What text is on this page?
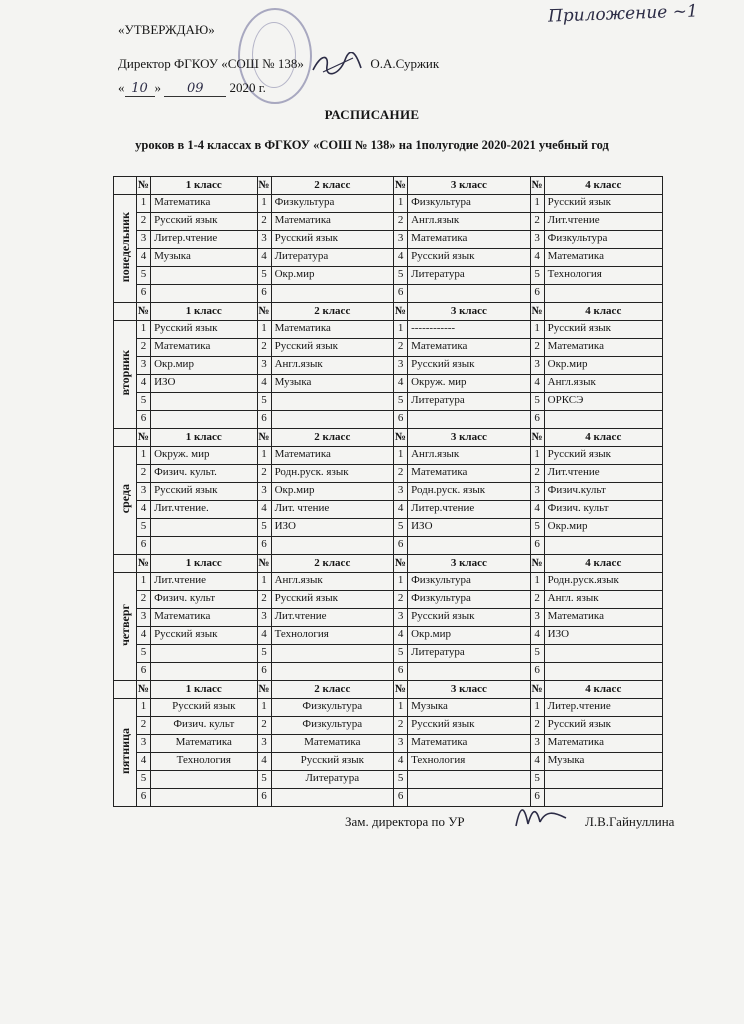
Приложение ~1
«УТВЕРЖДАЮ»
Директор ФГКОУ «СОШ № 138»	О.А.Суржик
« 10 » 09 2020 г.
РАСПИСАНИЕ
уроков в 1-4 классах в ФГКОУ «СОШ № 138» на 1полугодие 2020-2021 учебный год
	№	1 класс	№	2 класс	№	3 класс	№	4 класс
понедельник	1	Математика	1	Физкультура	1	Физкультура	1	Русский язык
	2	Русский язык	2	Математика	2	Англ.язык	2	Лит.чтение
	3	Литер.чтение	3	Русский язык	3	Математика	3	Физкультура
	4	Музыка	4	Литература	4	Русский язык	4	Математика
	5		5	Окр.мир	5	Литература	5	Технология
	6		6		6		6	
	№	1 класс	№	2 класс	№	3 класс	№	4 класс
вторник	1	Русский язык	1	Математика	1	------------	1	Русский язык
	2	Математика	2	Русский язык	2	Математика	2	Математика
	3	Окр.мир	3	Англ.язык	3	Русский язык	3	Окр.мир
	4	ИЗО	4	Музыка	4	Окруж. мир	4	Англ.язык
	5		5		5	Литература	5	ОРКСЭ
	6		6		6		6	
	№	1 класс	№	2 класс	№	3 класс	№	4 класс
среда	1	Окруж. мир	1	Математика	1	Англ.язык	1	Русский язык
	2	Физич. культ.	2	Родн.руск. язык	2	Математика	2	Лит.чтение
	3	Русский язык	3	Окр.мир	3	Родн.руск. язык	3	Физич.культ
	4	Лит.чтение.	4	Лит. чтение	4	Литер.чтение	4	Физич. культ
	5		5	ИЗО	5	ИЗО	5	Окр.мир
	6		6		6		6	
	№	1 класс	№	2 класс	№	3 класс	№	4 класс
четверг	1	Лит.чтение	1	Англ.язык	1	Физкультура	1	Родн.руск.язык
	2	Физич. культ	2	Русский язык	2	Физкультура	2	Англ. язык
	3	Математика	3	Лит.чтение	3	Русский язык	3	Математика
	4	Русский язык	4	Технология	4	Окр.мир	4	ИЗО
	5		5		5	Литература	5	
	6		6		6		6	
	№	1 класс	№	2 класс	№	3 класс	№	4 класс
пятница	1	Русский язык	1	Физкультура	1	Музыка	1	Литер.чтение
	2	Физич. культ	2	Физкультура	2	Русский язык	2	Русский язык
	3	Математика	3	Математика	3	Математика	3	Математика
	4	Технология	4	Русский язык	4	Технология	4	Музыка
	5		5	Литература	5		5	
	6		6		6		6	
Зам. директора по УР	Л.В.Гайнуллина
